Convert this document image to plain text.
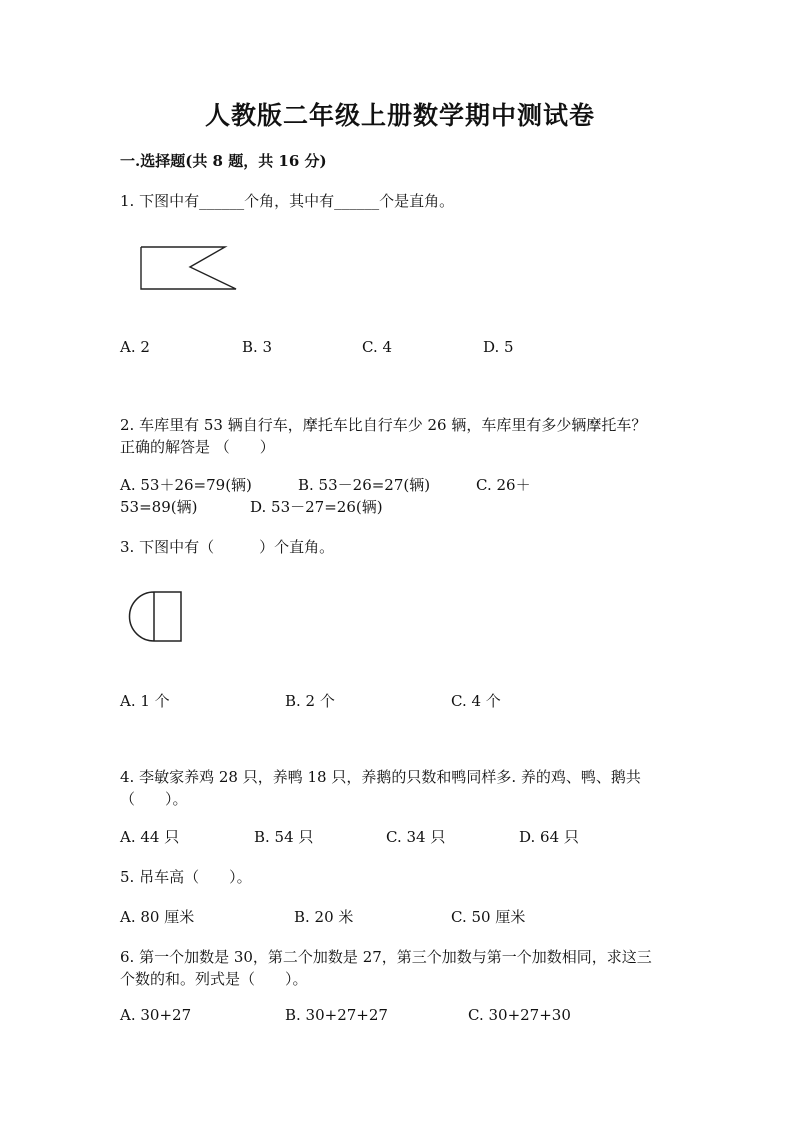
人教版二年级上册数学期中测试卷
一.选择题(共 8 题，共 16 分)
1. 下图中有______个角，其中有______个是直角。
A. 2	B. 3	C. 4	D. 5
2. 车库里有 53 辆自行车，摩托车比自行车少 26 辆，车库里有多少辆摩托车？
正确的解答是 （　　）
A. 53＋26=79(辆)	B. 53－26=27(辆)	C. 26＋
53=89(辆)	D. 53－27=26(辆)
3. 下图中有（　　　）个直角。
A. 1 个	B. 2 个	C. 4 个
4. 李敏家养鸡 28 只，养鸭 18 只，养鹅的只数和鸭同样多. 养的鸡、鸭、鹅共
（　　）。
A. 44 只	B. 54 只	C. 34 只	D. 64 只
5. 吊车高（　　）。
A. 80 厘米	B. 20 米	C. 50 厘米
6. 第一个加数是 30，第二个加数是 27，第三个加数与第一个加数相同，求这三
个数的和。列式是（　　）。
A. 30+27	B. 30+27+27	C. 30+27+30
